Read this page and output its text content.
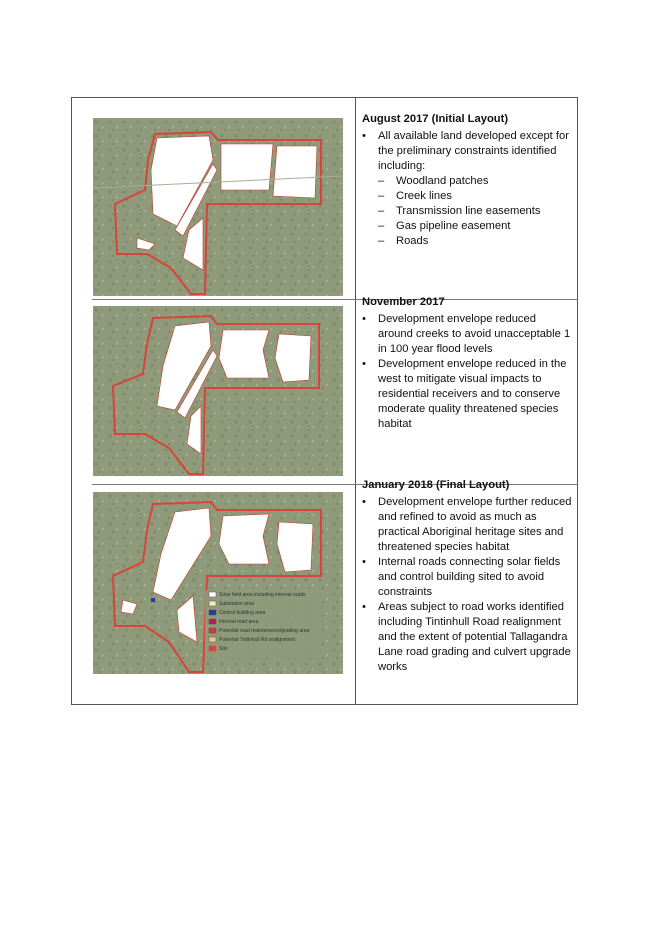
Solar field area including internal roads
Substation area
Control building area
Internal road area
Potential road maintenance/grading area
Potential Tintinhull Rd realignment
Site
August 2017 (Initial Layout)
• All available land developed except for the preliminary constraints identified including:
– Woodland patches
– Creek lines
– Transmission line easements
– Gas pipeline easement
– Roads
November 2017
• Development envelope reduced around creeks to avoid unacceptable 1 in 100 year flood levels
• Development envelope reduced in the west to mitigate visual impacts to residential receivers and to conserve moderate quality threatened species habitat
January 2018 (Final Layout)
• Development envelope further reduced and refined to avoid as much as practical Aboriginal heritage sites and threatened species habitat
• Internal roads connecting solar fields and control building sited to avoid constraints
• Areas subject to road works identified including Tintinhull Road realignment and the extent of potential Tallagandra Lane road grading and culvert upgrade works
